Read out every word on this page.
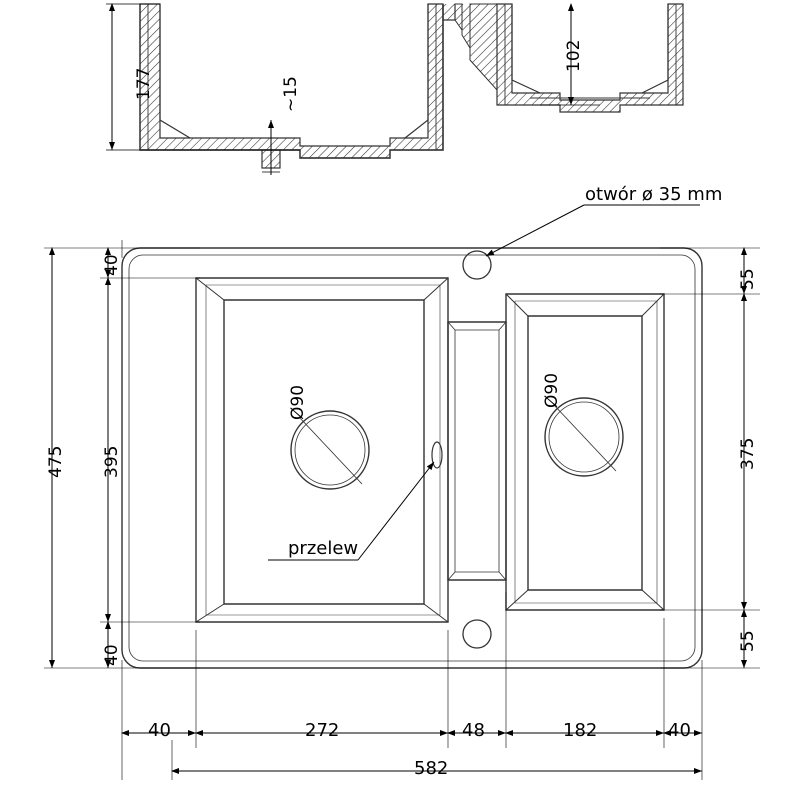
177
102
~15
otwór ø 35 mm
przelew
Ø90	Ø90
475 395
40
40
375
55
55
40	272	48	182	40
582
